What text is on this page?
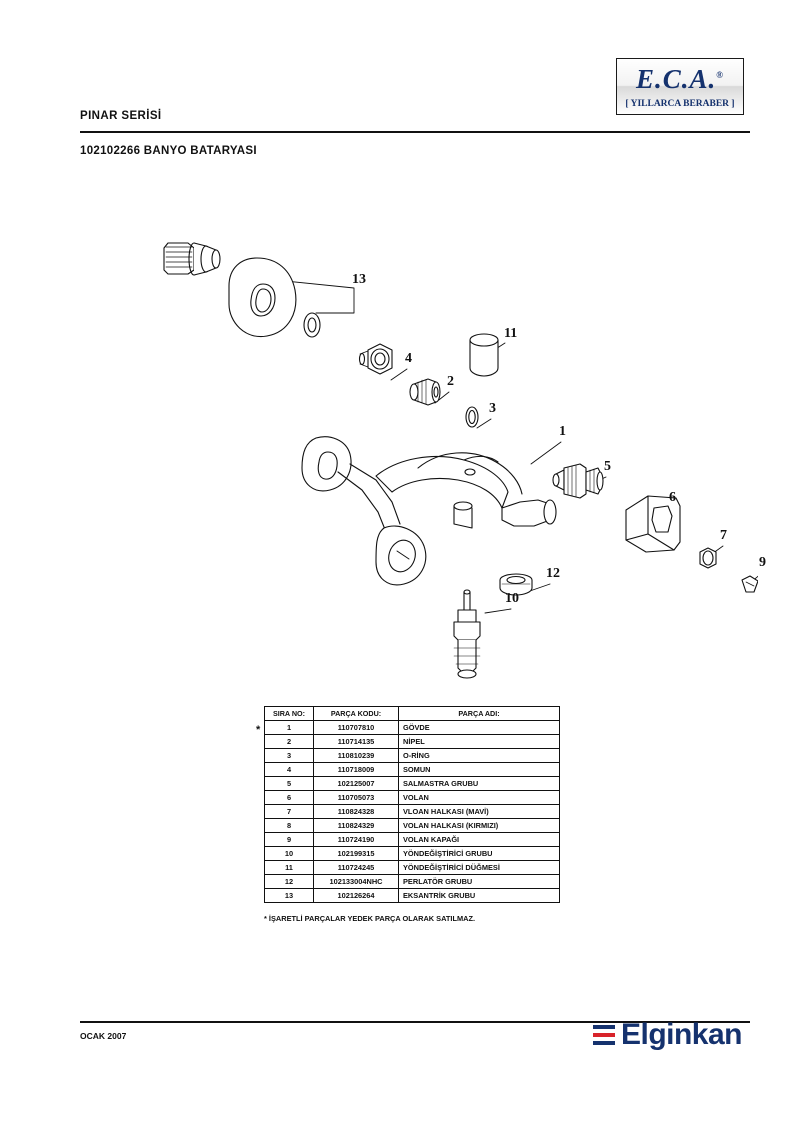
E.C.A.®
[ YILLARCA BERABER ]
PINAR SERİSİ
102102266 BANYO BATARYASI
13
11
4
2
3
1
5
6
7
9
12
10
*
SIRA NO:	PARÇA KODU:	PARÇA ADI:
1	110707810	GÖVDE
2	110714135	NİPEL
3	110810239	O-RİNG
4	110718009	SOMUN
5	102125007	SALMASTRA GRUBU
6	110705073	VOLAN
7	110824328	VLOAN HALKASI (MAVİ)
8	110824329	VOLAN HALKASI (KIRMIZI)
9	110724190	VOLAN KAPAĞI
10	102199315	YÖNDEĞİŞTİRİCİ GRUBU
11	110724245	YÖNDEĞİŞTİRİCİ DÜĞMESİ
12	102133004NHC	PERLATÖR GRUBU
13	102126264	EKSANTRİK GRUBU
* İŞARETLİ PARÇALAR YEDEK PARÇA OLARAK SATILMAZ.
OCAK 2007	Elginkan
